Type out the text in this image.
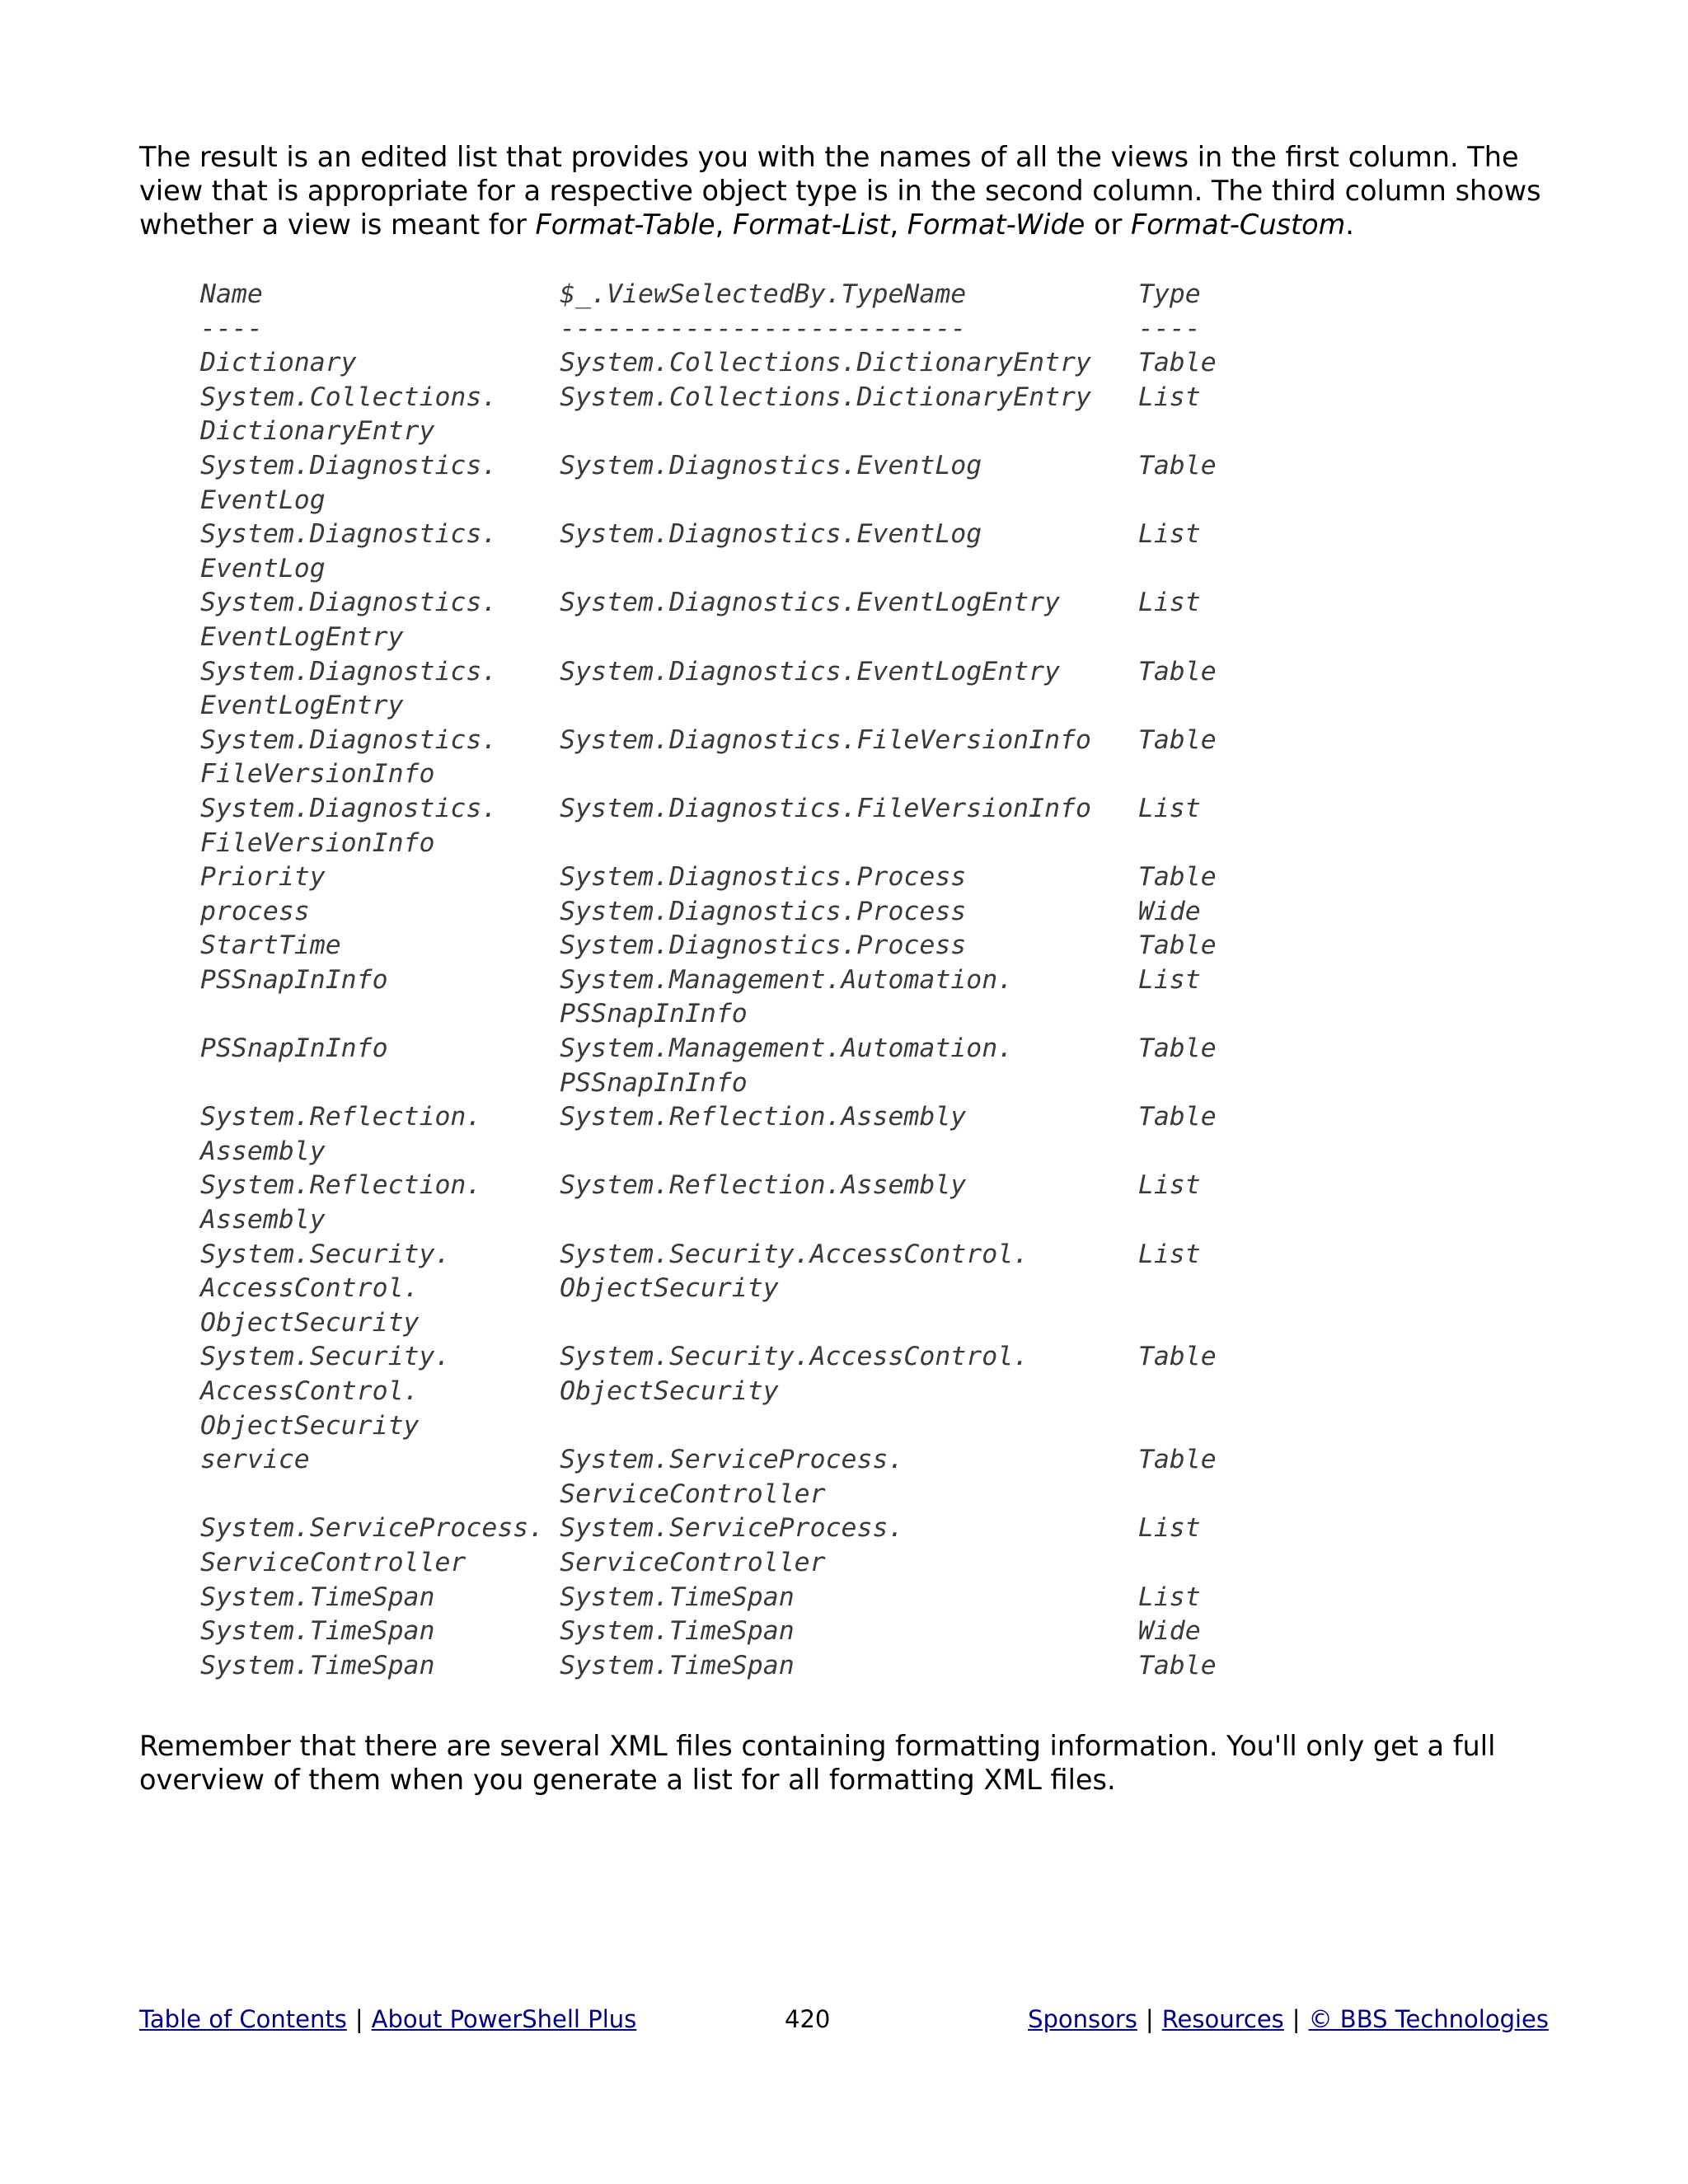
The result is an edited list that provides you with the names of all the views in the first column. The view that is appropriate for a respective object type is in the second column. The third column shows whether a view is meant for Format-Table, Format-List, Format-Wide or Format-Custom.

Name                   $_.ViewSelectedBy.TypeName           Type
----                   --------------------------           ----
Dictionary             System.Collections.DictionaryEntry   Table
System.Collections.    System.Collections.DictionaryEntry   List
DictionaryEntry
System.Diagnostics.    System.Diagnostics.EventLog          Table
EventLog
System.Diagnostics.    System.Diagnostics.EventLog          List
EventLog
System.Diagnostics.    System.Diagnostics.EventLogEntry     List
EventLogEntry
System.Diagnostics.    System.Diagnostics.EventLogEntry     Table
EventLogEntry
System.Diagnostics.    System.Diagnostics.FileVersionInfo   Table
FileVersionInfo
System.Diagnostics.    System.Diagnostics.FileVersionInfo   List
FileVersionInfo
Priority               System.Diagnostics.Process           Table
process                System.Diagnostics.Process           Wide
StartTime              System.Diagnostics.Process           Table
PSSnapInInfo           System.Management.Automation.        List
PSSnapInInfo
PSSnapInInfo           System.Management.Automation.        Table
PSSnapInInfo
System.Reflection.     System.Reflection.Assembly           Table
Assembly
System.Reflection.     System.Reflection.Assembly           List
Assembly
System.Security.       System.Security.AccessControl.       List
AccessControl.         ObjectSecurity
ObjectSecurity
System.Security.       System.Security.AccessControl.       Table
AccessControl.         ObjectSecurity
ObjectSecurity
service                System.ServiceProcess.               Table
ServiceController
System.ServiceProcess. System.ServiceProcess.               List
ServiceController      ServiceController
System.TimeSpan        System.TimeSpan                      List
System.TimeSpan        System.TimeSpan                      Wide
System.TimeSpan        System.TimeSpan                      Table

Remember that there are several XML files containing formatting information. You'll only get a full overview of them when you generate a list for all formatting XML files.

Table of Contents | About PowerShell Plus	420	Sponsors | Resources | © BBS Technologies
